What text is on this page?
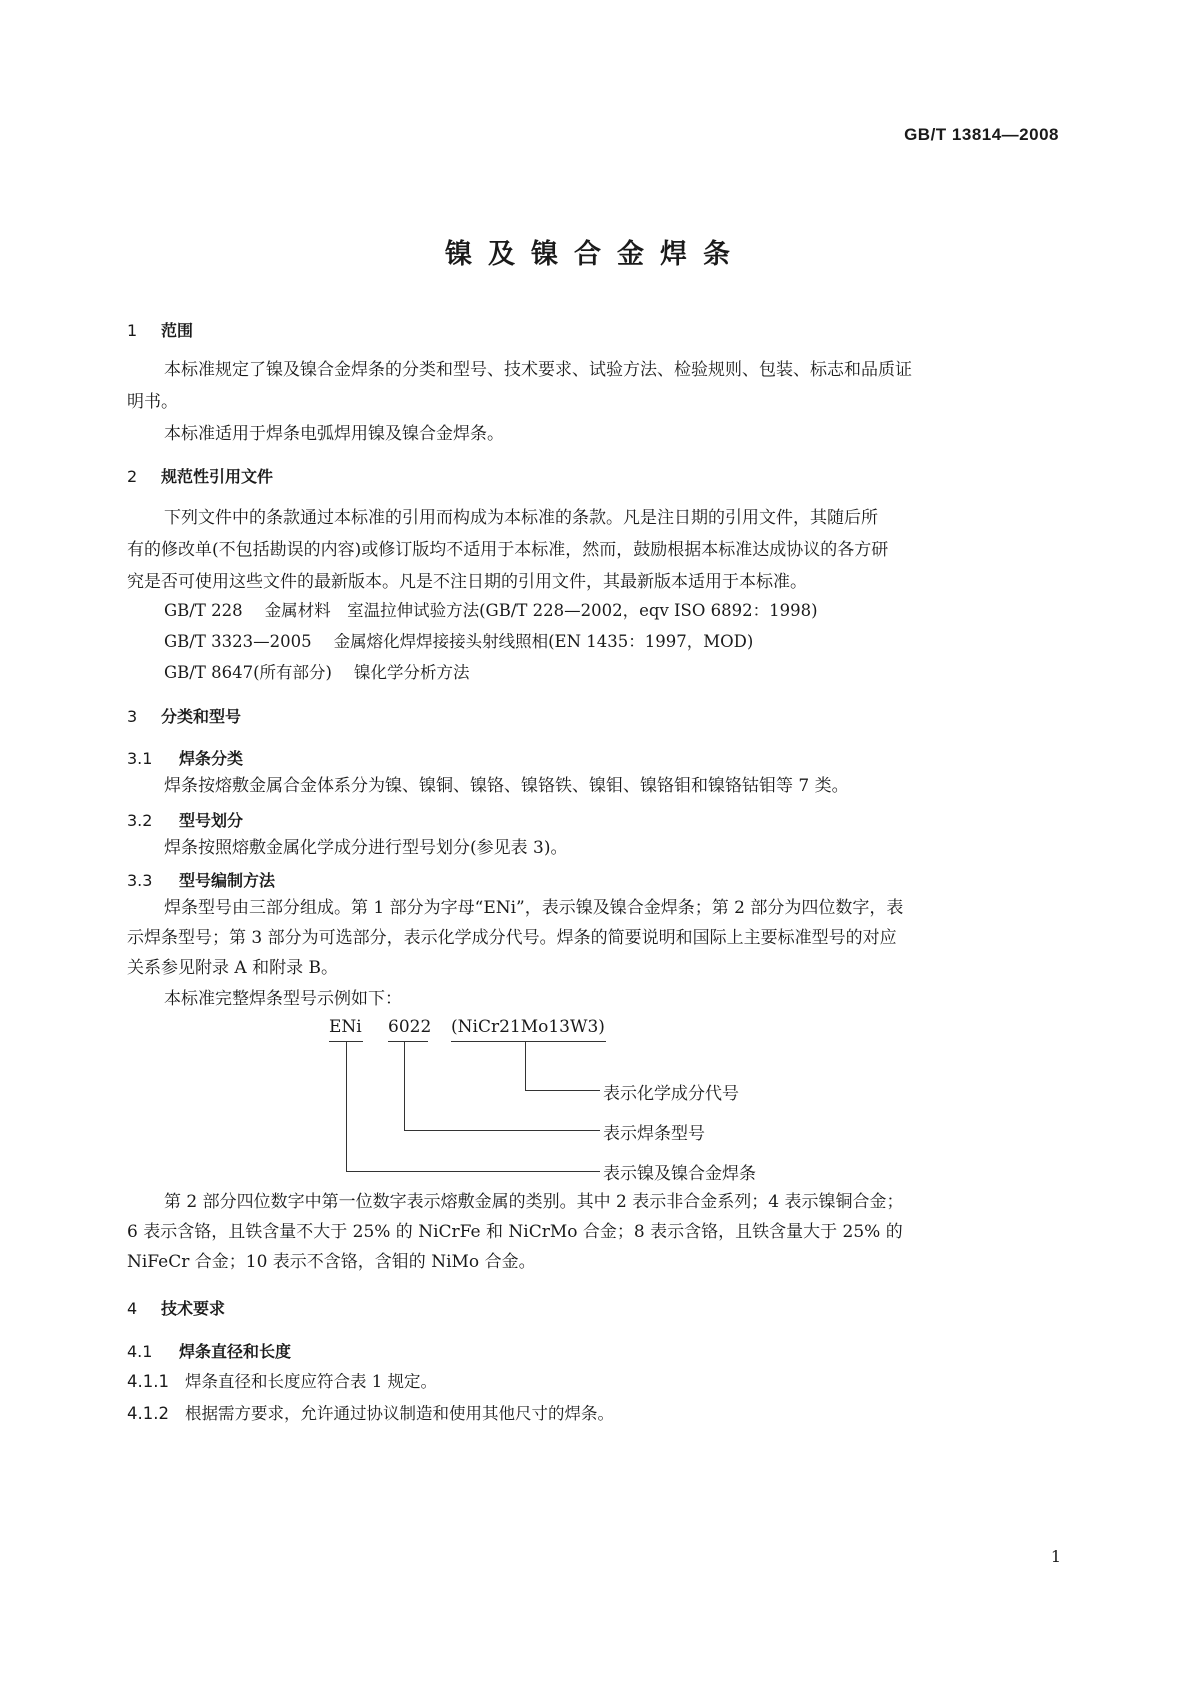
GB/T 13814—2008
镍及镍合金焊条
1 范围
本标准规定了镍及镍合金焊条的分类和型号、技术要求、试验方法、检验规则、包装、标志和品质证
明书。
本标准适用于焊条电弧焊用镍及镍合金焊条。
2 规范性引用文件
下列文件中的条款通过本标准的引用而构成为本标准的条款。凡是注日期的引用文件，其随后所
有的修改单(不包括勘误的内容)或修订版均不适用于本标准，然而，鼓励根据本标准达成协议的各方研
究是否可使用这些文件的最新版本。凡是不注日期的引用文件，其最新版本适用于本标准。
GB/T 228 金属材料　室温拉伸试验方法(GB/T 228—2002，eqv ISO 6892：1998)
GB/T 3323—2005 金属熔化焊焊接接头射线照相(EN 1435：1997，MOD)
GB/T 8647(所有部分) 镍化学分析方法
3 分类和型号
3.1 焊条分类
焊条按熔敷金属合金体系分为镍、镍铜、镍铬、镍铬铁、镍钼、镍铬钼和镍铬钴钼等 7 类。
3.2 型号划分
焊条按照熔敷金属化学成分进行型号划分(参见表 3)。
3.3 型号编制方法
焊条型号由三部分组成。第 1 部分为字母“ENi”，表示镍及镍合金焊条；第 2 部分为四位数字，表
示焊条型号；第 3 部分为可选部分，表示化学成分代号。焊条的简要说明和国际上主要标准型号的对应
关系参见附录 A 和附录 B。
本标准完整焊条型号示例如下：
ENi 6022 (NiCr21Mo13W3)
表示化学成分代号
表示焊条型号
表示镍及镍合金焊条
第 2 部分四位数字中第一位数字表示熔敷金属的类别。其中 2 表示非合金系列；4 表示镍铜合金；
6 表示含铬，且铁含量不大于 25% 的 NiCrFe 和 NiCrMo 合金；8 表示含铬，且铁含量大于 25% 的
NiFeCr 合金；10 表示不含铬，含钼的 NiMo 合金。
4 技术要求
4.1 焊条直径和长度
4.1.1 焊条直径和长度应符合表 1 规定。
4.1.2 根据需方要求，允许通过协议制造和使用其他尺寸的焊条。
1
